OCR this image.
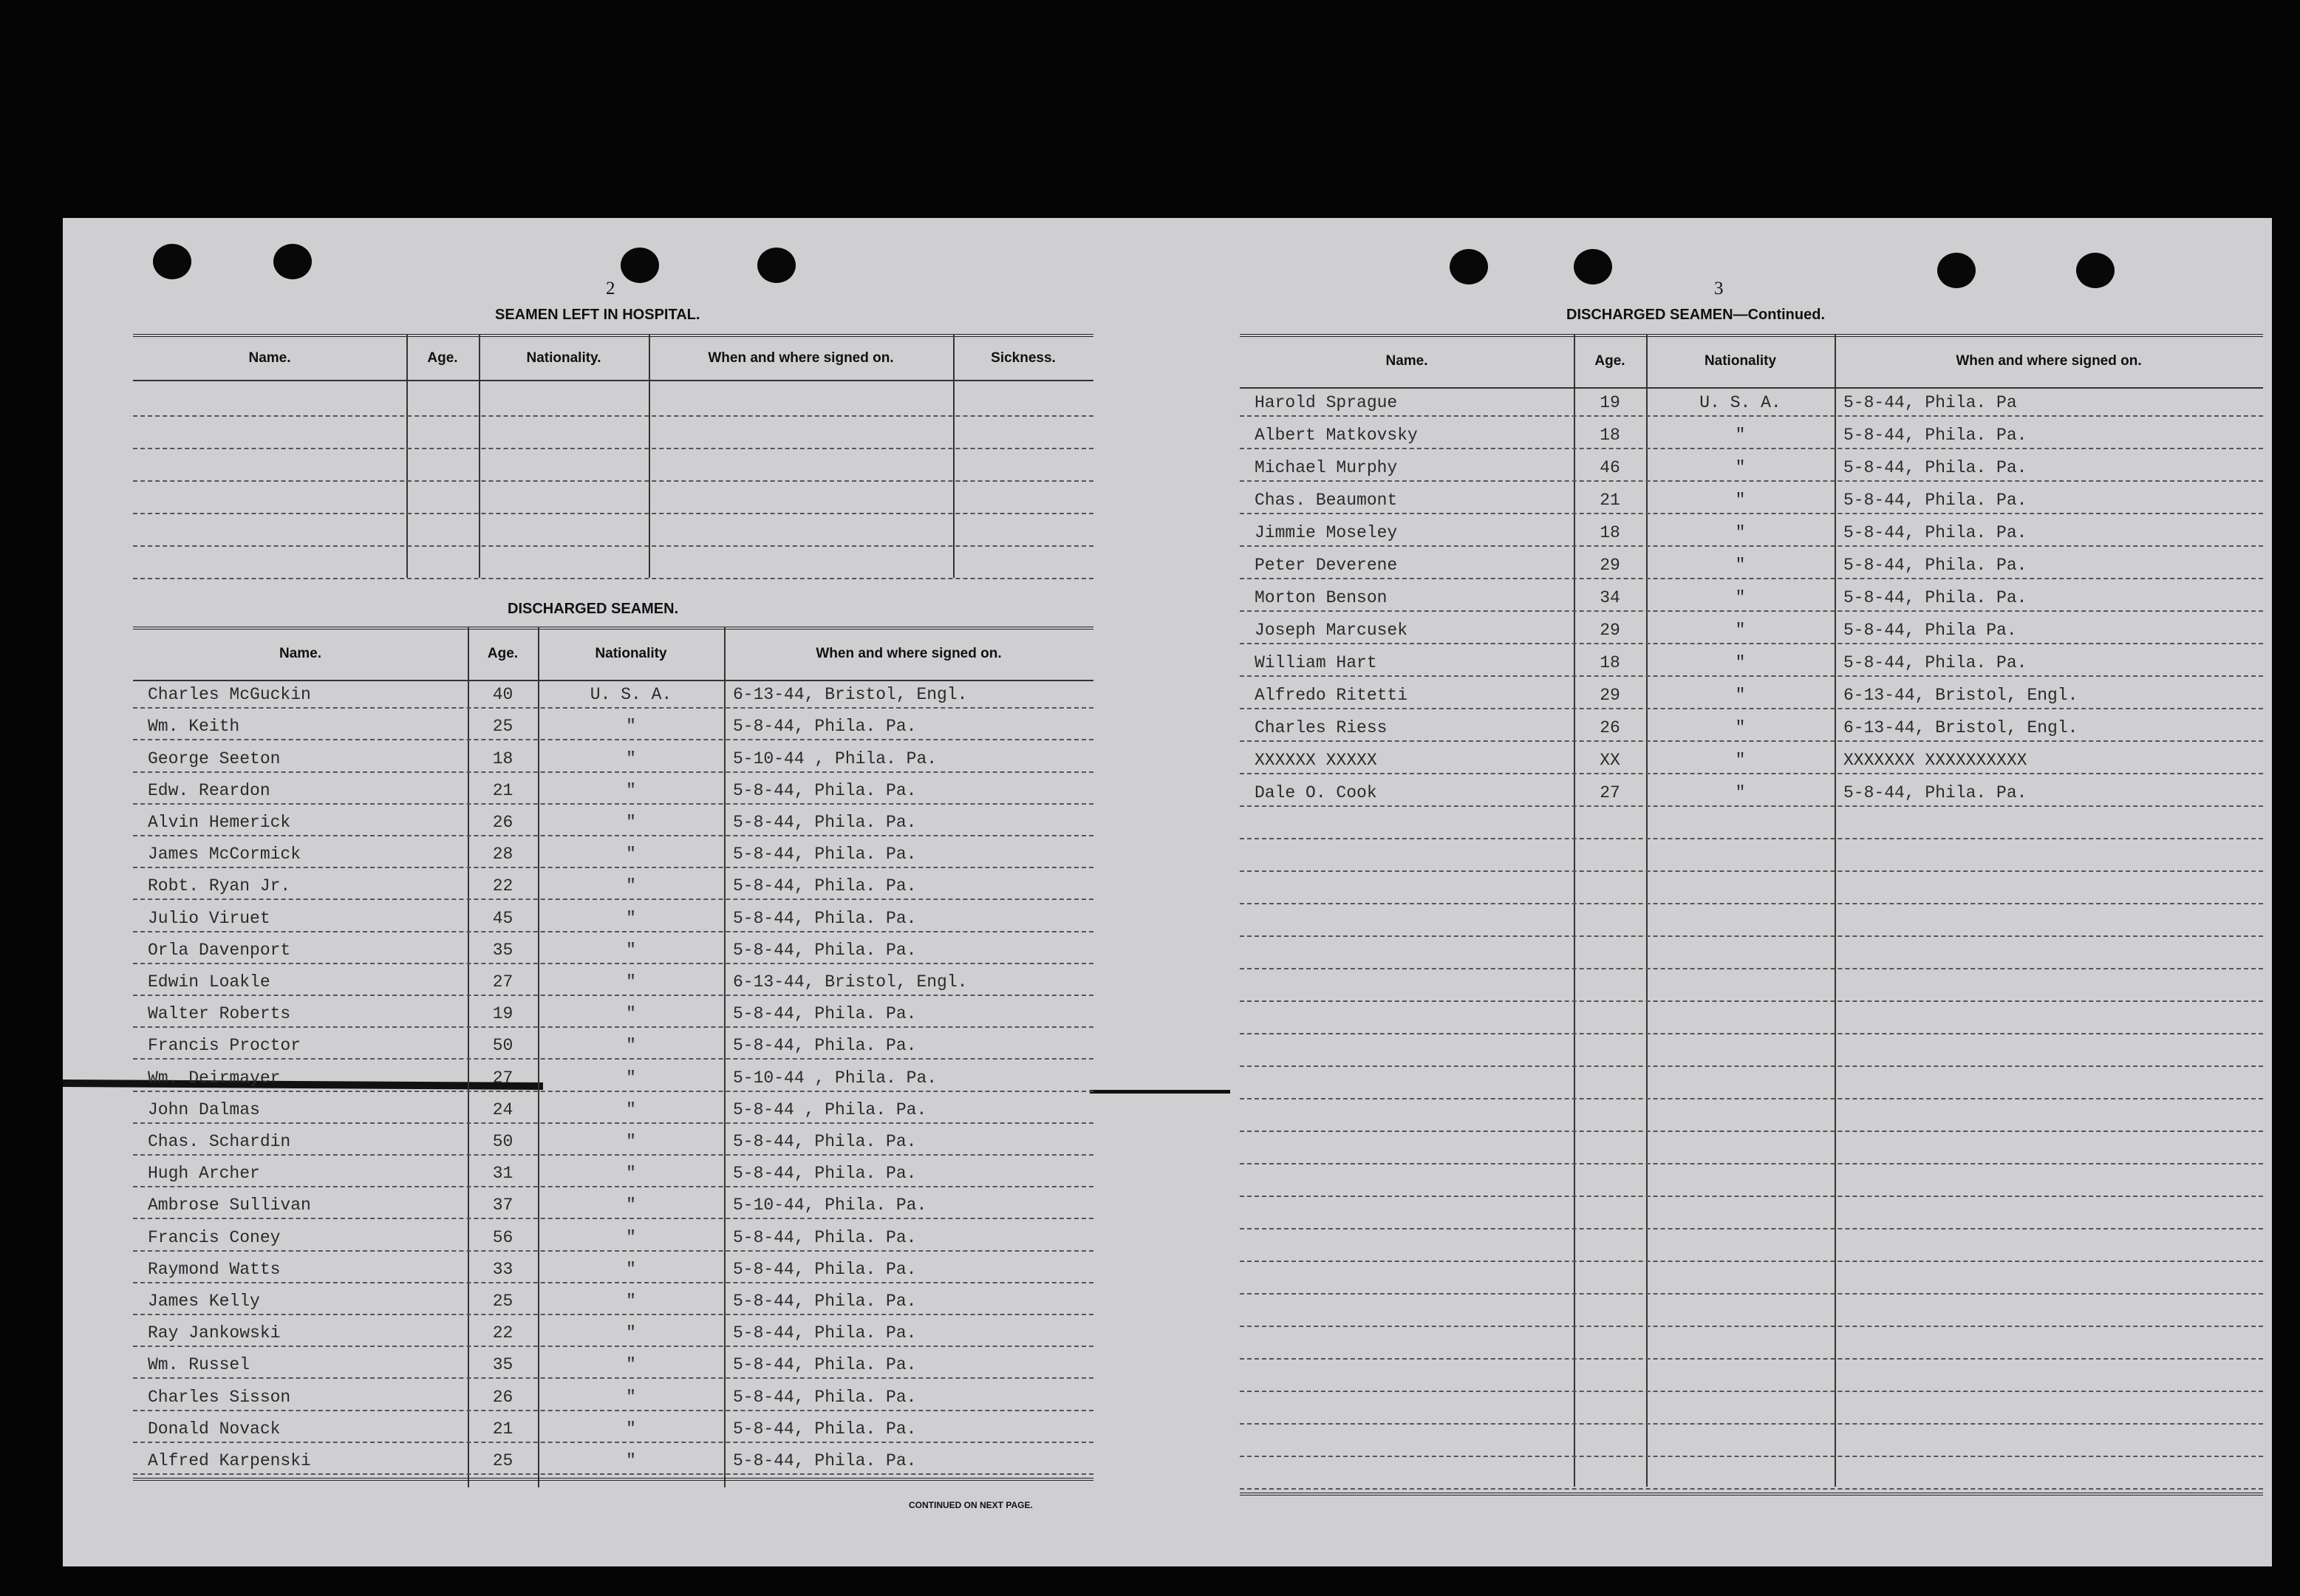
2
SEAMEN LEFT IN HOSPITAL.
Name.	Age.	Nationality.	When and where signed on.	Sickness.
DISCHARGED SEAMEN.
Name.	Age.	Nationality	When and where signed on.
Charles McGuckin	40	U. S. A.	6-13-44, Bristol, Engl.
Wm. Keith	25	"	5-8-44, Phila. Pa.
George Seeton	18	"	5-10-44 , Phila. Pa.
Edw. Reardon	21	"	5-8-44, Phila. Pa.
Alvin Hemerick	26	"	5-8-44, Phila. Pa.
James McCormick	28	"	5-8-44, Phila. Pa.
Robt. Ryan Jr.	22	"	5-8-44, Phila. Pa.
Julio Viruet	45	"	5-8-44, Phila. Pa.
Orla Davenport	35	"	5-8-44, Phila. Pa.
Edwin Loakle	27	"	6-13-44, Bristol, Engl.
Walter Roberts	19	"	5-8-44, Phila. Pa.
Francis Proctor	50	"	5-8-44, Phila. Pa.
Wm. Deirmayer	27	"	5-10-44 , Phila. Pa.
John Dalmas	24	"	5-8-44 , Phila. Pa.
Chas. Schardin	50	"	5-8-44, Phila. Pa.
Hugh Archer	31	"	5-8-44, Phila. Pa.
Ambrose Sullivan	37	"	5-10-44, Phila. Pa.
Francis Coney	56	"	5-8-44, Phila. Pa.
Raymond Watts	33	"	5-8-44, Phila. Pa.
James Kelly	25	"	5-8-44, Phila. Pa.
Ray Jankowski	22	"	5-8-44, Phila. Pa.
Wm. Russel	35	"	5-8-44, Phila. Pa.
Charles Sisson	26	"	5-8-44, Phila. Pa.
Donald Novack	21	"	5-8-44, Phila. Pa.
Alfred Karpenski	25	"	5-8-44, Phila. Pa.
CONTINUED ON NEXT PAGE.
3
DISCHARGED SEAMEN—Continued.
Name.	Age.	Nationality	When and where signed on.
Harold Sprague	19	U. S. A.	5-8-44, Phila. Pa
Albert Matkovsky	18	"	5-8-44, Phila. Pa.
Michael Murphy	46	"	5-8-44, Phila. Pa.
Chas. Beaumont	21	"	5-8-44, Phila. Pa.
Jimmie Moseley	18	"	5-8-44, Phila. Pa.
Peter Deverene	29	"	5-8-44, Phila. Pa.
Morton Benson	34	"	5-8-44, Phila. Pa.
Joseph Marcusek	29	"	5-8-44, Phila Pa.
William Hart	18	"	5-8-44, Phila. Pa.
Alfredo Ritetti	29	"	6-13-44, Bristol, Engl.
Charles Riess	26	"	6-13-44, Bristol, Engl.
XXXXXX XXXXX	XX	"	XXXXXXX XXXXXXXXXX
Dale O. Cook	27	"	5-8-44, Phila. Pa.
